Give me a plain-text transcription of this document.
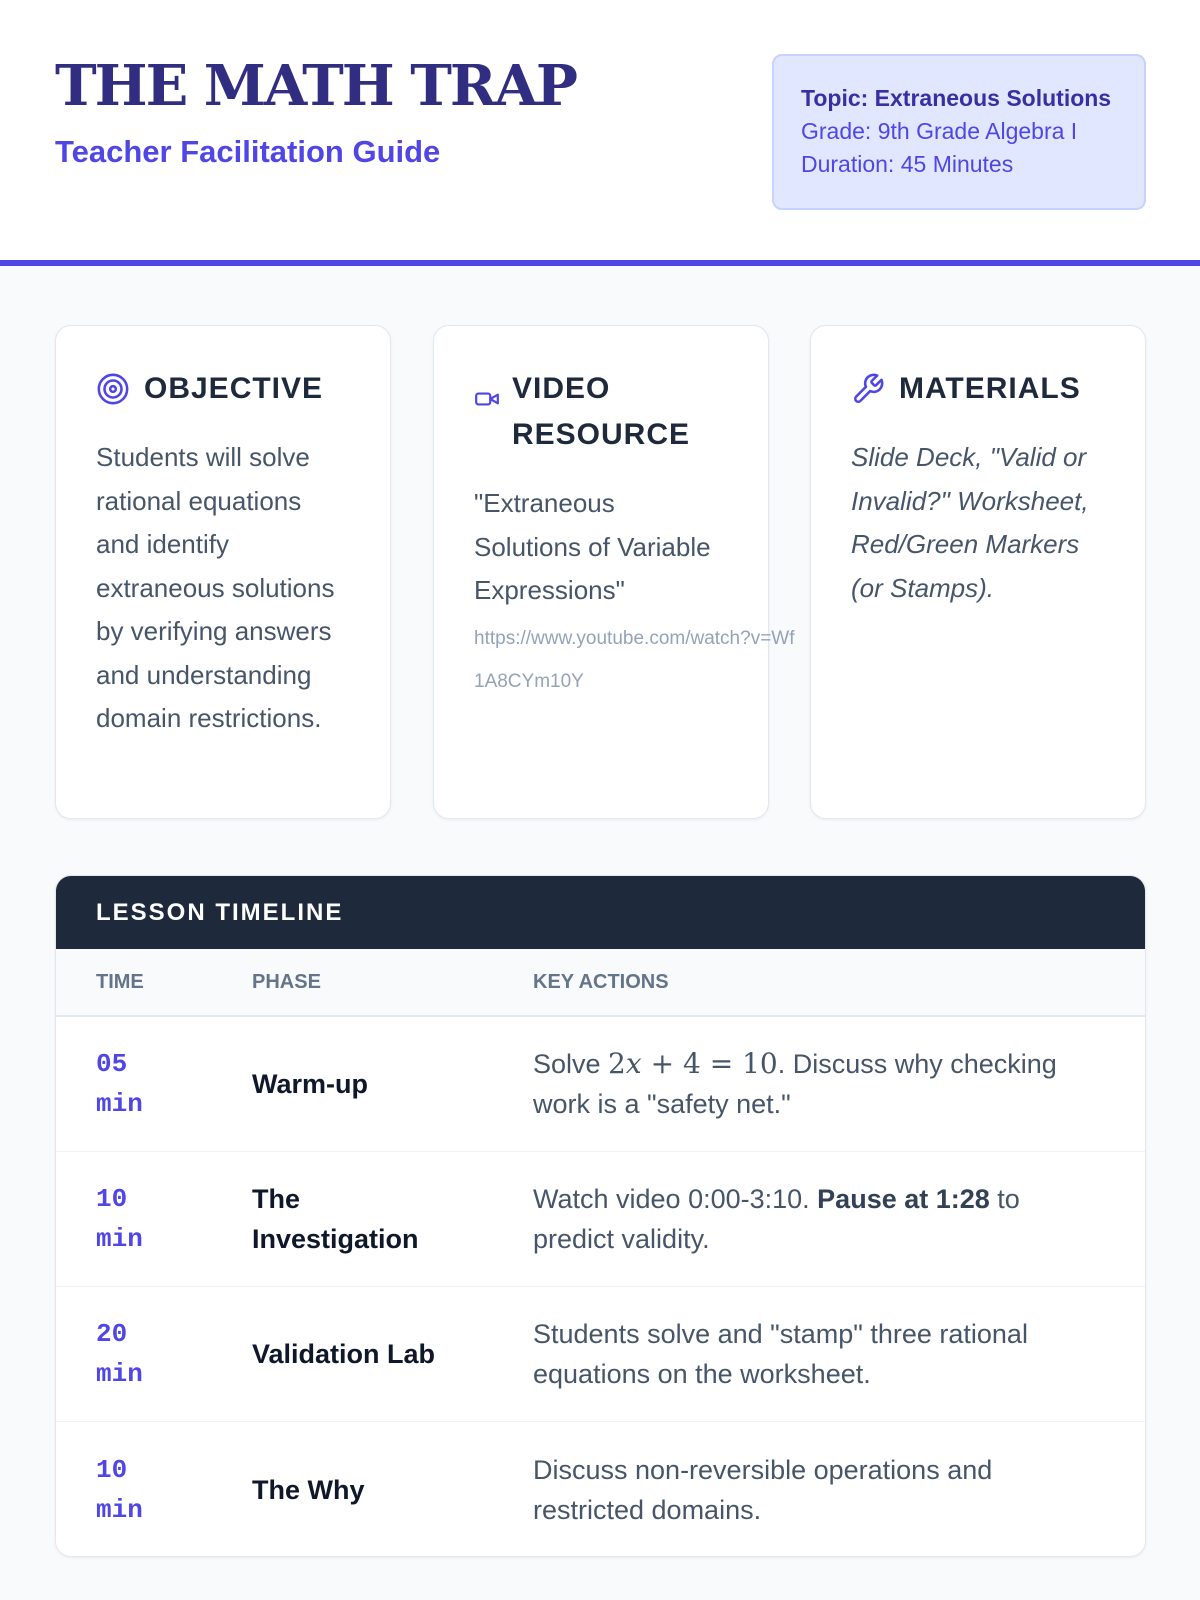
THE MATH TRAP
Teacher Facilitation Guide
Topic: Extraneous Solutions
Grade: 9th Grade Algebra I
Duration: 45 Minutes
OBJECTIVE
Students will solve rational equations and identify extraneous solutions by verifying answers and understanding domain restrictions.
VIDEO RESOURCE
"Extraneous Solutions of Variable Expressions"
https://www.youtube.com/watch?v=Wf1A8CYm10Y
MATERIALS
Slide Deck, "Valid or Invalid?" Worksheet, Red/Green Markers (or Stamps).
LESSON TIMELINE
TIME	PHASE	KEY ACTIONS
05
min
Warm-up
Solve 2x + 4 = 10. Discuss why checking work is a "safety net."
10
min
The Investigation
Watch video 0:00-3:10. Pause at 1:28 to predict validity.
20
min
Validation Lab
Students solve and "stamp" three rational equations on the worksheet.
10
min
The Why
Discuss non-reversible operations and restricted domains.
